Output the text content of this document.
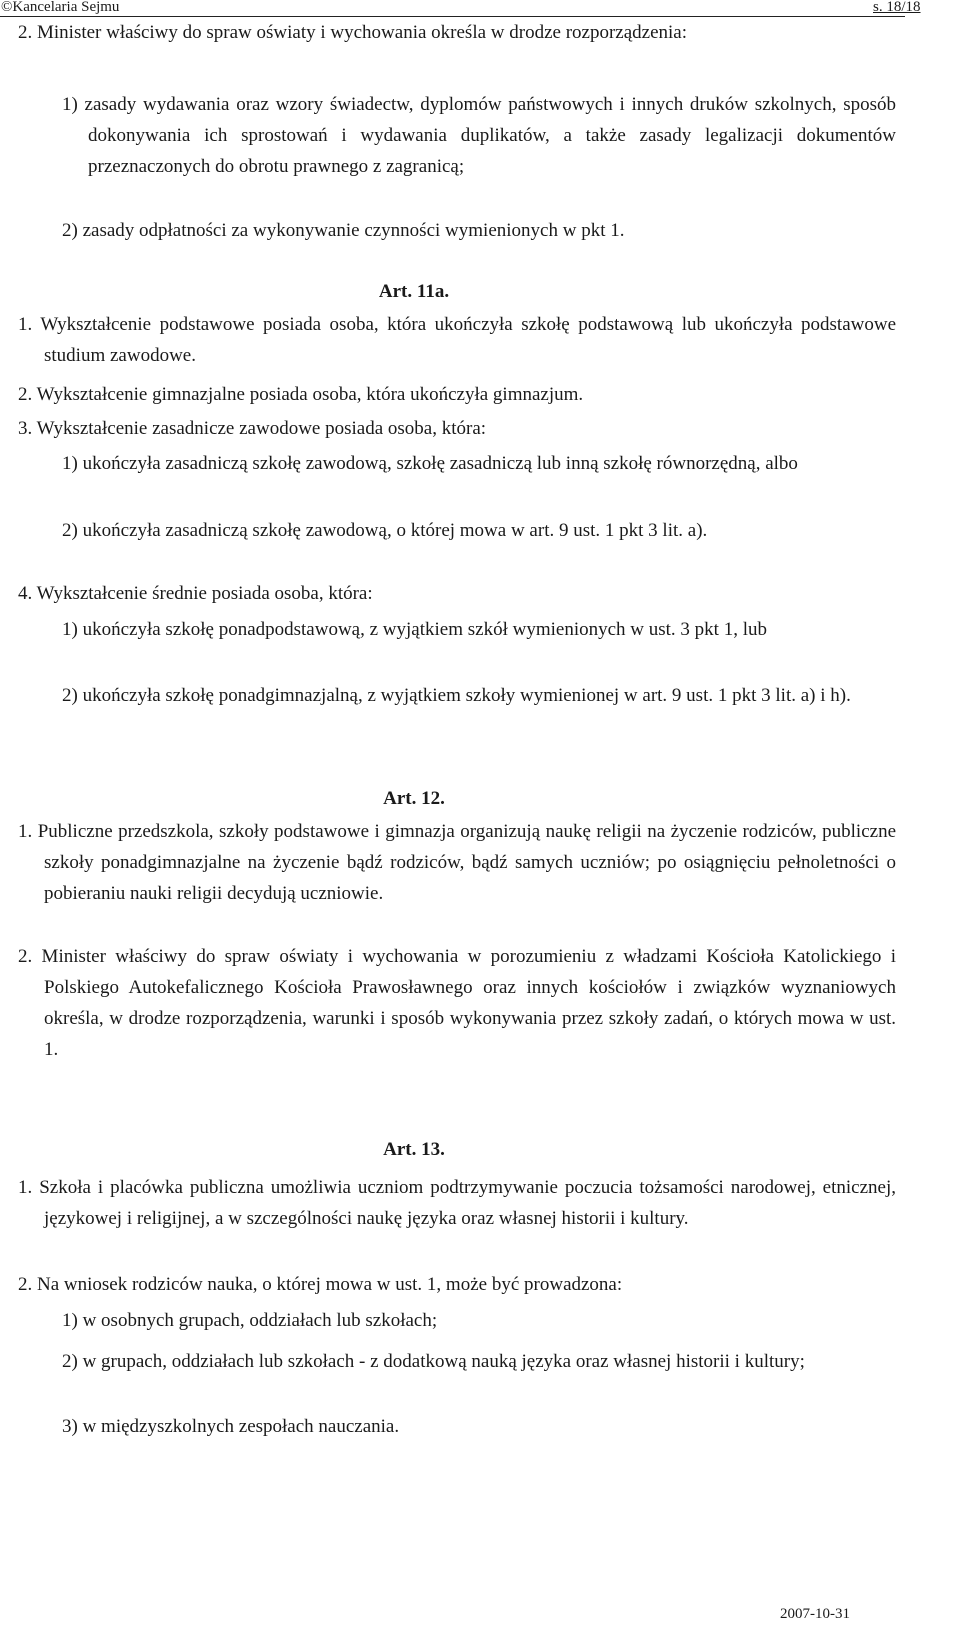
©Kancelaria Sejmu	s. 18/18

2. Minister właściwy do spraw oświaty i wychowania określa w drodze rozporządzenia:

1) zasady wydawania oraz wzory świadectw, dyplomów państwowych i innych druków szkolnych, sposób dokonywania ich sprostowań i wydawania duplikatów, a także zasady legalizacji dokumentów przeznaczonych do obrotu prawnego z zagranicą;

2) zasady odpłatności za wykonywanie czynności wymienionych w pkt 1.

Art. 11a.

1. Wykształcenie podstawowe posiada osoba, która ukończyła szkołę podstawową lub ukończyła podstawowe studium zawodowe.

2. Wykształcenie gimnazjalne posiada osoba, która ukończyła gimnazjum.

3. Wykształcenie zasadnicze zawodowe posiada osoba, która:

1) ukończyła zasadniczą szkołę zawodową, szkołę zasadniczą lub inną szkołę równorzędną, albo

2) ukończyła zasadniczą szkołę zawodową, o której mowa w art. 9 ust. 1 pkt 3 lit. a).

4. Wykształcenie średnie posiada osoba, która:

1) ukończyła szkołę ponadpodstawową, z wyjątkiem szkół wymienionych w ust. 3 pkt 1, lub

2) ukończyła szkołę ponadgimnazjalną, z wyjątkiem szkoły wymienionej w art. 9 ust. 1 pkt 3 lit. a) i h).

Art. 12.

1. Publiczne przedszkola, szkoły podstawowe i gimnazja organizują naukę religii na życzenie rodziców, publiczne szkoły ponadgimnazjalne na życzenie bądź rodziców, bądź samych uczniów; po osiągnięciu pełnoletności o pobieraniu nauki religii decydują uczniowie.

2. Minister właściwy do spraw oświaty i wychowania w porozumieniu z władzami Kościoła Katolickiego i Polskiego Autokefalicznego Kościoła Prawosławnego oraz innych kościołów i związków wyznaniowych określa, w drodze rozporządzenia, warunki i sposób wykonywania przez szkoły zadań, o których mowa w ust. 1.

Art. 13.

1. Szkoła i placówka publiczna umożliwia uczniom podtrzymywanie poczucia tożsamości narodowej, etnicznej, językowej i religijnej, a w szczególności naukę języka oraz własnej historii i kultury.

2. Na wniosek rodziców nauka, o której mowa w ust. 1, może być prowadzona:

1) w osobnych grupach, oddziałach lub szkołach;

2) w grupach, oddziałach lub szkołach - z dodatkową nauką języka oraz własnej historii i kultury;

3) w międzyszkolnych zespołach nauczania.

2007-10-31
